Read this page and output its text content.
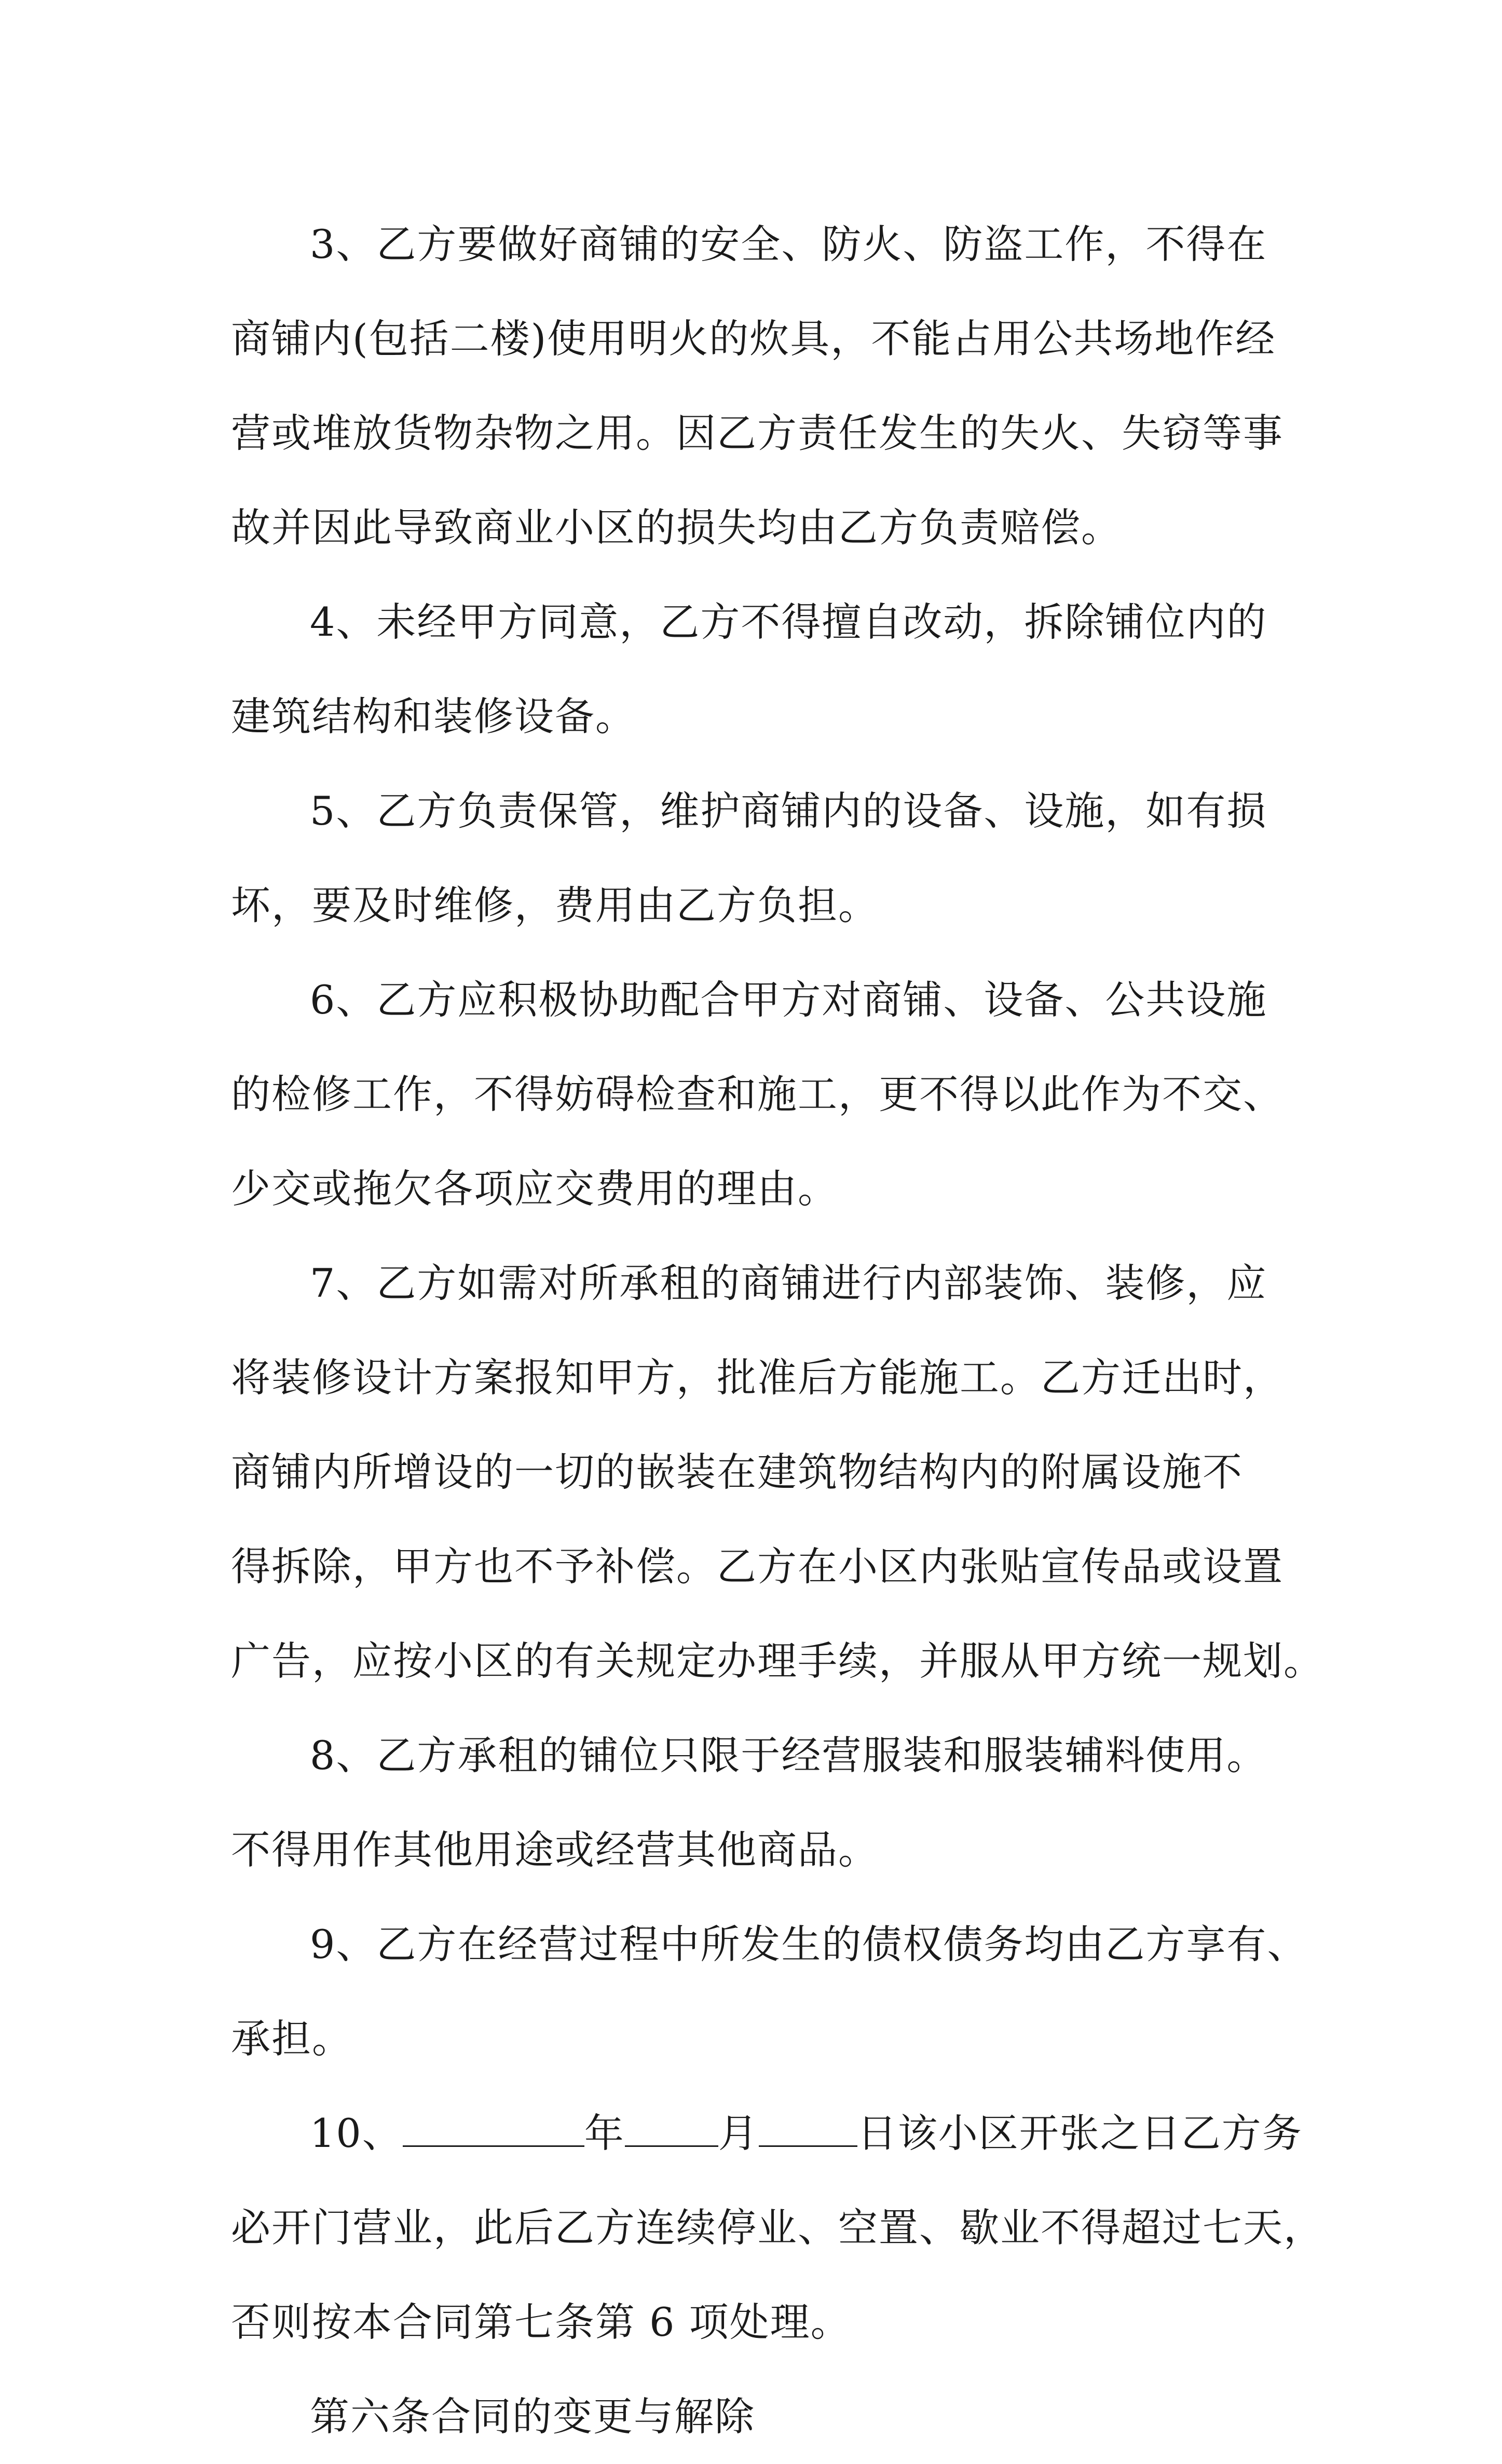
3、乙方要做好商铺的安全、防火、防盗工作，不得在
商铺内(包括二楼)使用明火的炊具，不能占用公共场地作经
营或堆放货物杂物之用。因乙方责任发生的失火、失窃等事
故并因此导致商业小区的损失均由乙方负责赔偿。

4、未经甲方同意，乙方不得擅自改动，拆除铺位内的
建筑结构和装修设备。

5、乙方负责保管，维护商铺内的设备、设施，如有损
坏，要及时维修，费用由乙方负担。

6、乙方应积极协助配合甲方对商铺、设备、公共设施
的检修工作，不得妨碍检查和施工，更不得以此作为不交、
少交或拖欠各项应交费用的理由。

7、乙方如需对所承租的商铺进行内部装饰、装修，应
将装修设计方案报知甲方，批准后方能施工。乙方迁出时，
商铺内所增设的一切的嵌装在建筑物结构内的附属设施不
得拆除，甲方也不予补偿。乙方在小区内张贴宣传品或设置
广告，应按小区的有关规定办理手续，并服从甲方统一规划。

8、乙方承租的铺位只限于经营服装和服装辅料使用。
不得用作其他用途或经营其他商品。

9、乙方在经营过程中所发生的债权债务均由乙方享有、
承担。

10、	年 月	日该小区开张之日乙方务
必开门营业，此后乙方连续停业、空置、歇业不得超过七天，
否则按本合同第七条第 6 项处理。

第六条合同的变更与解除
